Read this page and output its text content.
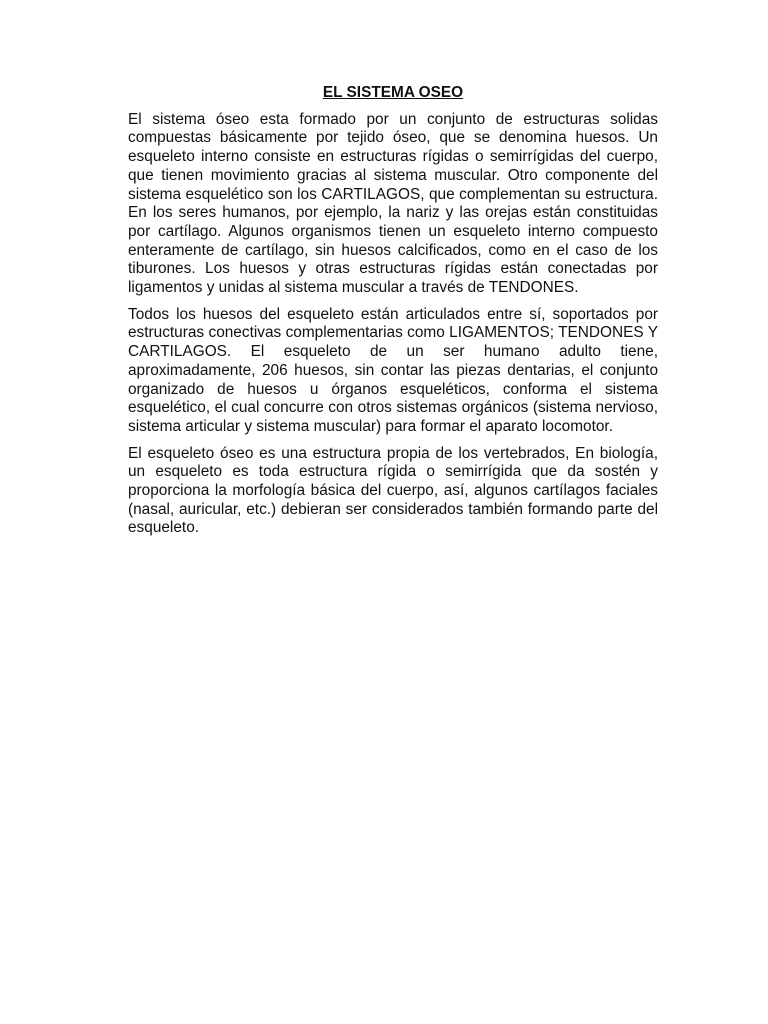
EL SISTEMA OSEO

El sistema óseo esta formado por un conjunto de estructuras solidas compuestas básicamente por tejido óseo, que se denomina huesos. Un esqueleto interno consiste en estructuras rígidas o semirrígidas del cuerpo, que tienen movimiento gracias al sistema muscular. Otro componente del sistema esquelético son los CARTILAGOS, que complementan su estructura. En los seres humanos, por ejemplo, la nariz y las orejas están constituidas por cartílago. Algunos organismos tienen un esqueleto interno compuesto enteramente de cartílago, sin huesos calcificados, como en el caso de los tiburones. Los huesos y otras estructuras rígidas están conectadas por ligamentos y unidas al sistema muscular a través de TENDONES.

Todos los huesos del esqueleto están articulados entre sí, soportados por estructuras conectivas complementarias como LIGAMENTOS; TENDONES Y CARTILAGOS. El esqueleto de un ser humano adulto tiene, aproximadamente, 206 huesos, sin contar las piezas dentarias, el conjunto organizado de huesos u órganos esqueléticos, conforma el sistema esquelético, el cual concurre con otros sistemas orgánicos (sistema nervioso, sistema articular y sistema muscular) para formar el aparato locomotor.

El esqueleto óseo es una estructura propia de los vertebrados, En biología, un esqueleto es toda estructura rígida o semirrígida que da sostén y proporciona la morfología básica del cuerpo, así, algunos cartílagos faciales (nasal, auricular, etc.) debieran ser considerados también formando parte del esqueleto.
